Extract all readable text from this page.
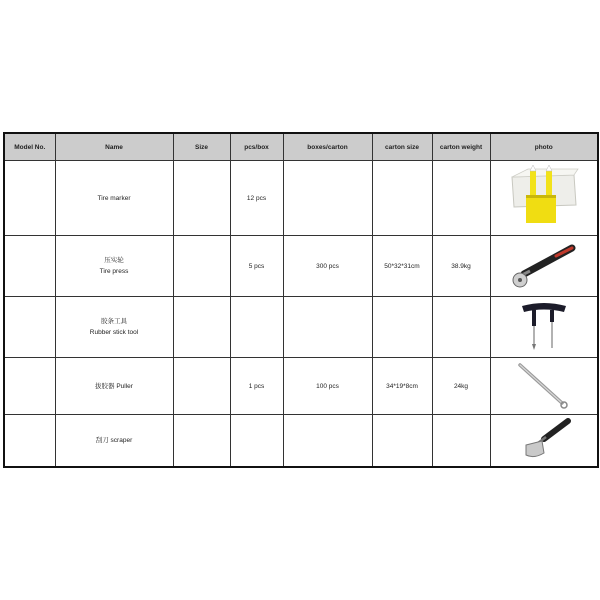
Model No.	Name	Size	pcs/box	boxes/carton	carton size	carton weight	photo

	Tire marker		12 pcs				

	压实轮
Tire press		5 pcs	300 pcs	50*32*31cm	38.9kg	

	胶条工具
Rubber stick tool

	拔胶器 Puller		1 pcs	100 pcs	34*19*8cm	24kg	

	刮刀 scraper
